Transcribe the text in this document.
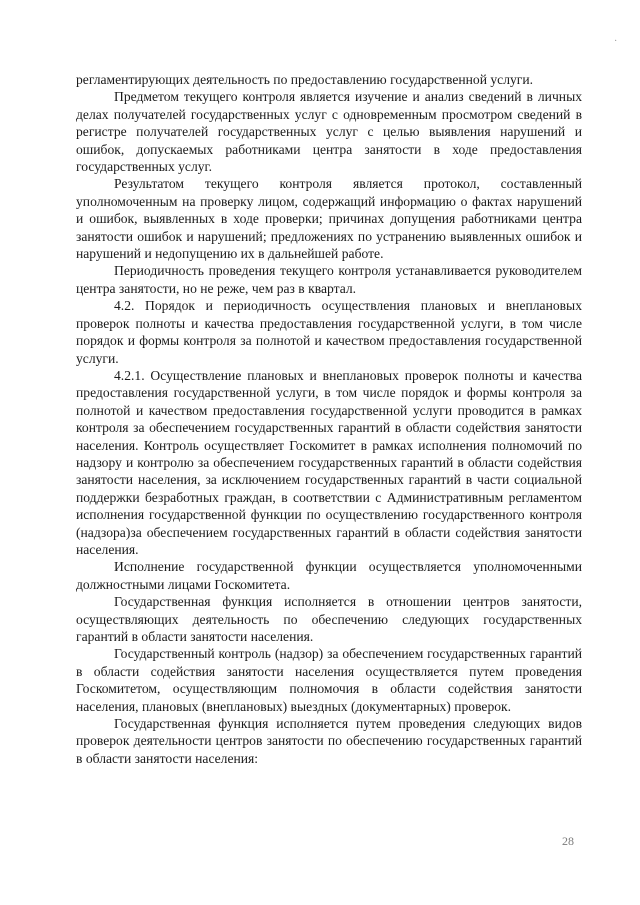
·

регламентирующих деятельность по предоставлению государственной услуги.

Предметом текущего контроля является изучение и анализ сведений в личных делах получателей государственных услуг с одновременным просмотром сведений в регистре получателей государственных услуг с целью выявления нарушений и ошибок, допускаемых работниками центра занятости в ходе предоставления государственных услуг.

Результатом текущего контроля является протокол, составленный уполномоченным на проверку лицом, содержащий информацию о фактах нарушений и ошибок, выявленных в ходе проверки; причинах допущения работниками центра занятости ошибок и нарушений; предложениях по устранению выявленных ошибок и нарушений и недопущению их в дальнейшей работе.

Периодичность проведения текущего контроля устанавливается руководителем центра занятости, но не реже, чем раз в квартал.

4.2. Порядок и периодичность осуществления плановых и внеплановых проверок полноты и качества предоставления государственной услуги, в том числе порядок и формы контроля за полнотой и качеством предоставления государственной услуги.

4.2.1. Осуществление плановых и внеплановых проверок полноты и качества предоставления государственной услуги, в том числе порядок и формы контроля за полнотой и качеством предоставления государственной услуги проводится в рамках контроля за обеспечением государственных гарантий в области содействия занятости населения. Контроль осуществляет Госкомитет в рамках исполнения полномочий по надзору и контролю за обеспечением государственных гарантий в области содействия занятости населения, за исключением государственных гарантий в части социальной поддержки безработных граждан, в соответствии с Административным регламентом исполнения государственной функции по осуществлению государственного контроля (надзора)за обеспечением государственных гарантий в области содействия занятости населения.

Исполнение государственной функции осуществляется уполномоченными должностными лицами Госкомитета.

Государственная функция исполняется в отношении центров занятости, осуществляющих деятельность по обеспечению следующих государственных гарантий в области занятости населения.

Государственный контроль (надзор) за обеспечением государственных гарантий в области содействия занятости населения осуществляется путем проведения Госкомитетом, осуществляющим полномочия в области содействия занятости населения, плановых (внеплановых) выездных (документарных) проверок.

Государственная функция исполняется путем проведения следующих видов проверок деятельности центров занятости по обеспечению государственных гарантий в области занятости населения:

28
